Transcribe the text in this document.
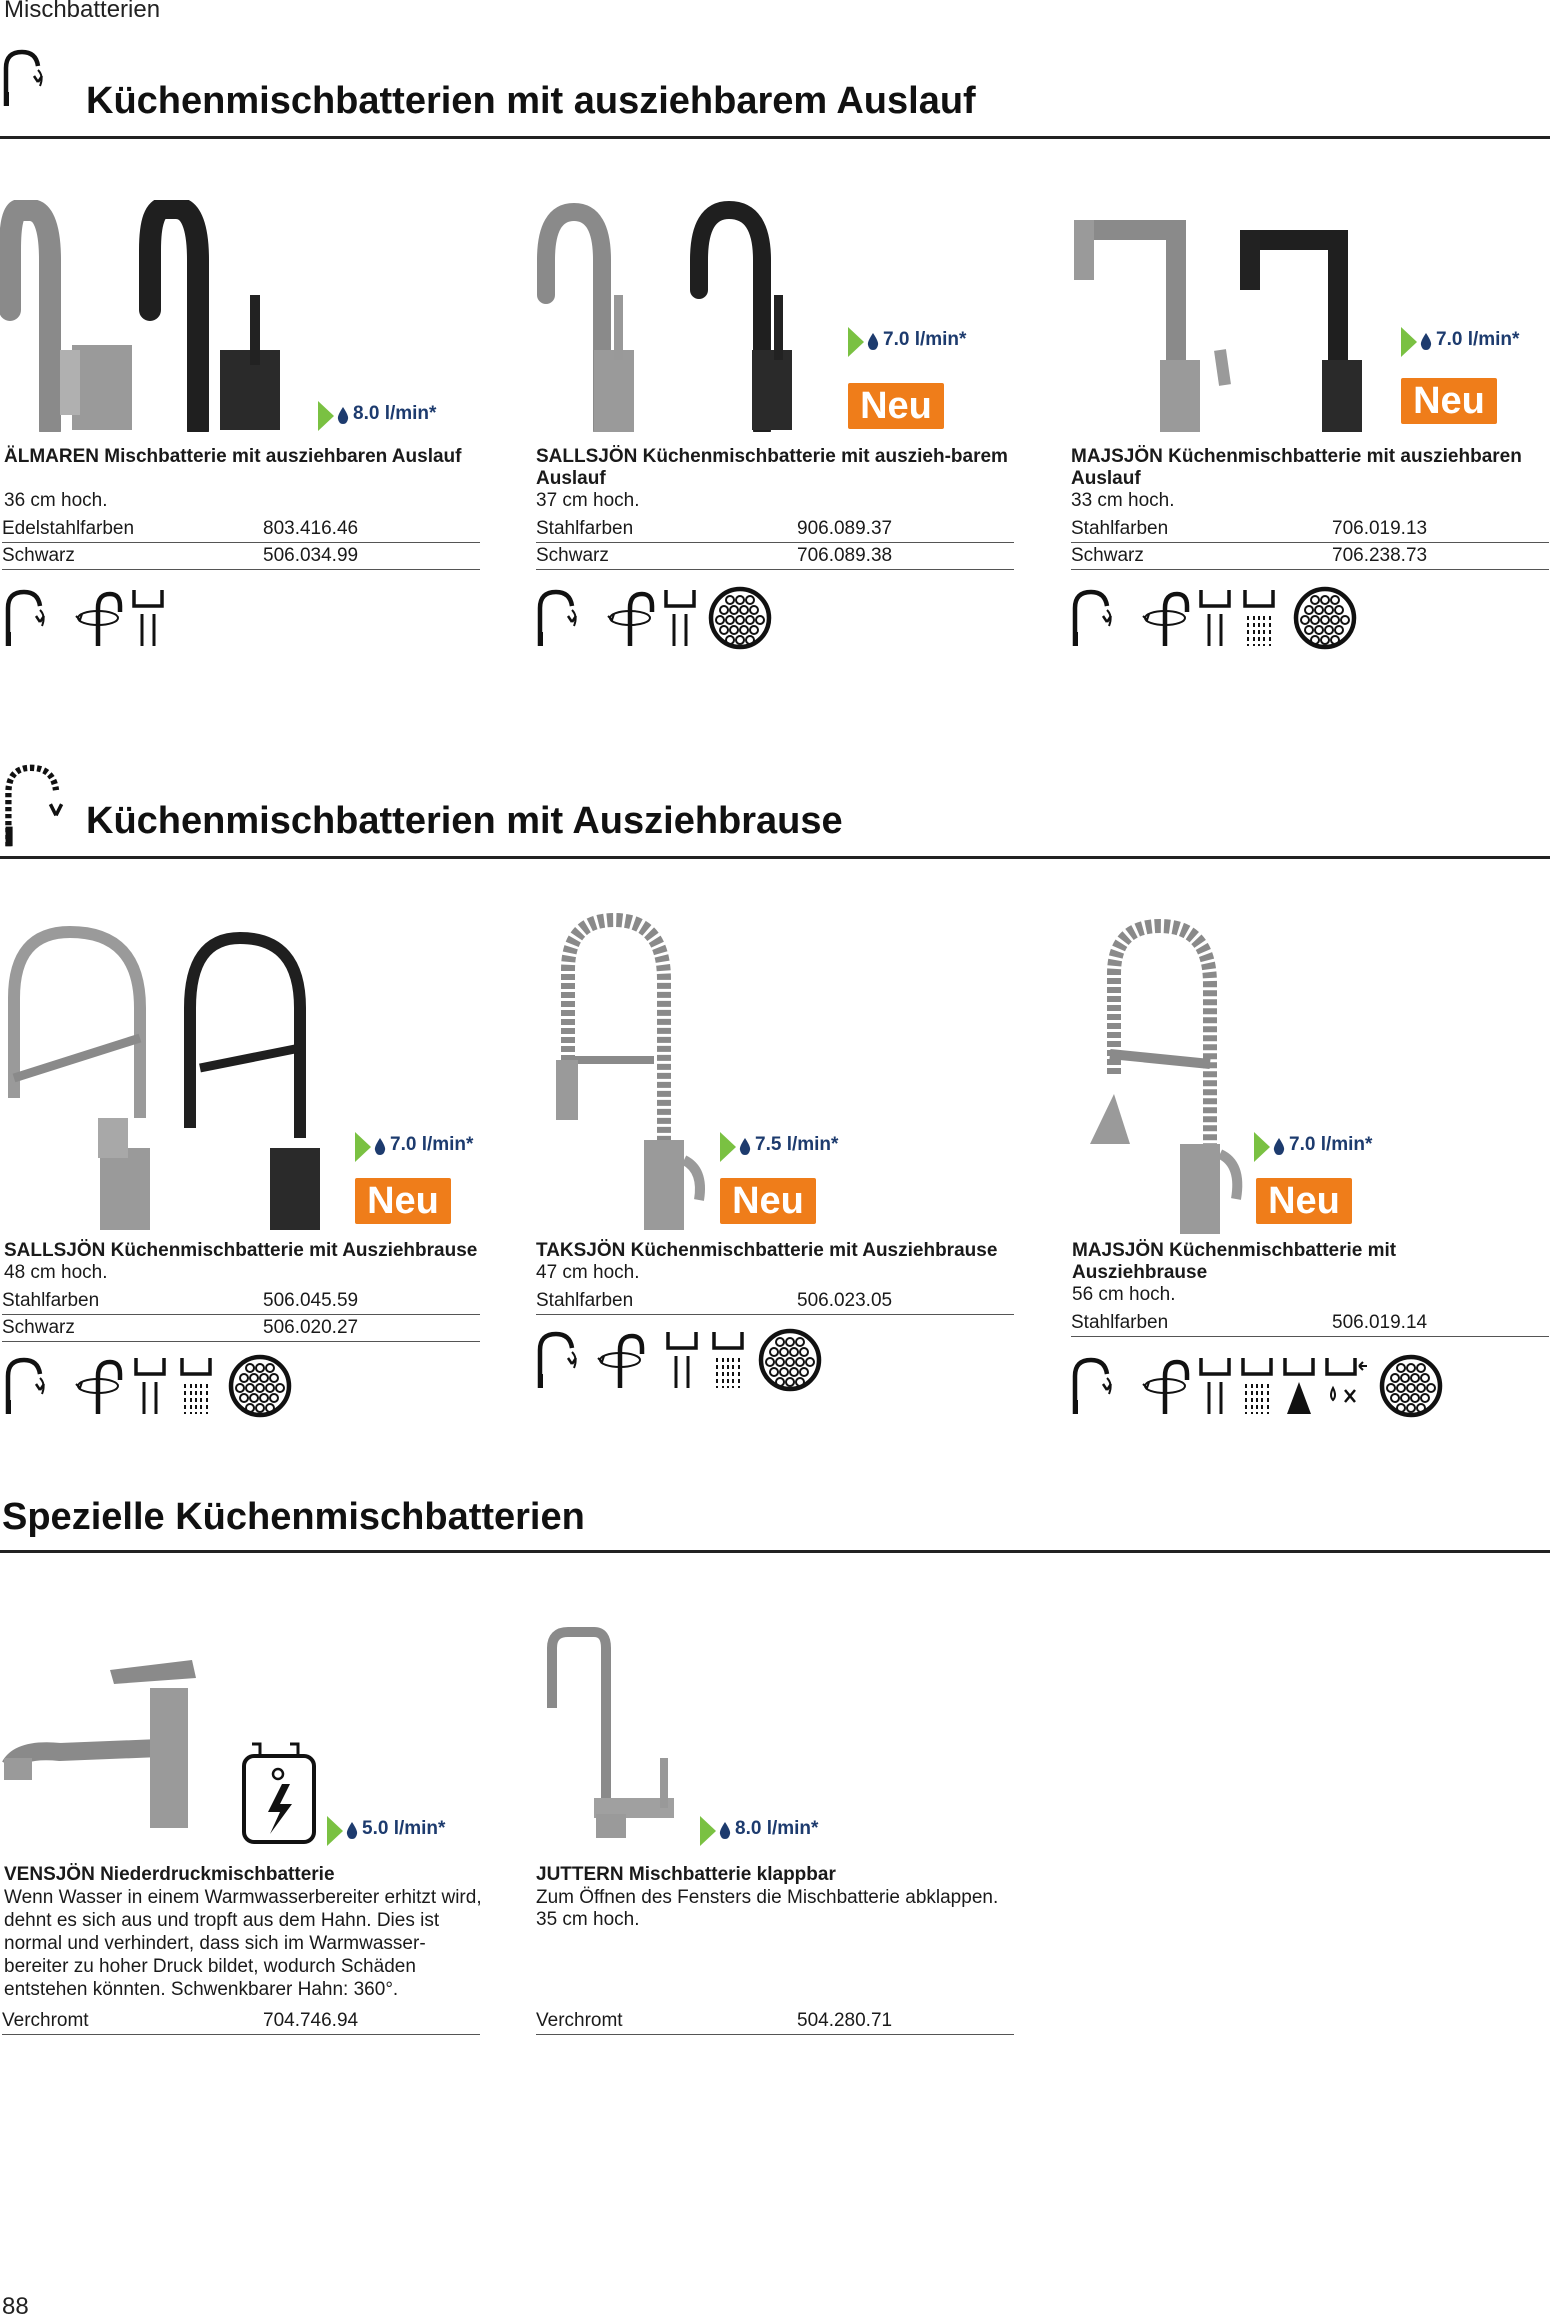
Mischbatterien
Küchenmischbatterien mit ausziehbarem Auslauf
8.0 l/min*
ÄLMAREN Mischbatterie mit ausziehbaren Auslauf
36 cm hoch.
Edelstahlfarben	803.416.46
Schwarz	506.034.99
7.0 l/min*
Neu
SALLSJÖN Küchenmischbatterie mit auszieh-barem Auslauf
37 cm hoch.
Stahlfarben	906.089.37
Schwarz	706.089.38
7.0 l/min*
Neu
MAJSJÖN Küchenmischbatterie mit ausziehbaren Auslauf
33 cm hoch.
Stahlfarben	706.019.13
Schwarz	706.238.73
Küchenmischbatterien mit Ausziehbrause
7.0 l/min*
Neu
SALLSJÖN Küchenmischbatterie mit Ausziehbrause
48 cm hoch.
Stahlfarben	506.045.59
Schwarz	506.020.27
7.5 l/min*
Neu
TAKSJÖN Küchenmischbatterie mit Ausziehbrause
47 cm hoch.
Stahlfarben	506.023.05
7.0 l/min*
Neu
MAJSJÖN Küchenmischbatterie mit Ausziehbrause
56 cm hoch.
Stahlfarben	506.019.14
Spezielle Küchenmischbatterien
5.0 l/min*
VENSJÖN Niederdruckmischbatterie
Wenn Wasser in einem Warmwasserbereiter erhitzt wird, dehnt es sich aus und tropft aus dem Hahn. Dies ist normal und verhindert, dass sich im Warmwasser-bereiter zu hoher Druck bildet, wodurch Schäden entstehen könnten. Schwenkbarer Hahn: 360°.
Verchromt	704.746.94
8.0 l/min*
JUTTERN Mischbatterie klappbar
Zum Öffnen des Fensters die Mischbatterie abklappen.
35 cm hoch.
Verchromt	504.280.71
88
